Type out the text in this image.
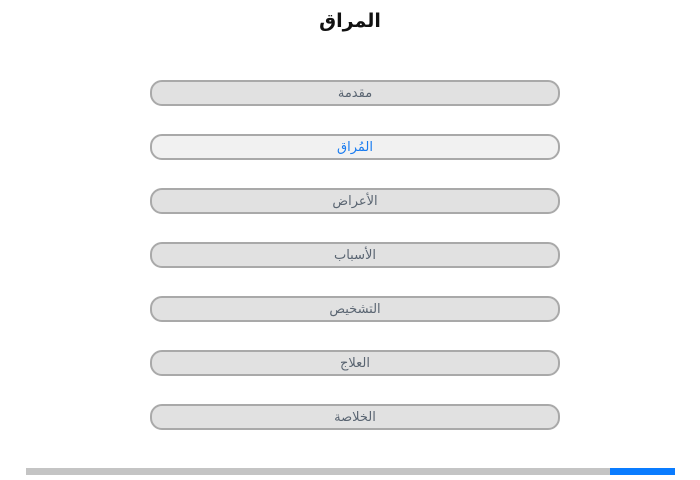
المراق
مقدمة
المُراق
الأعراض
الأسباب
التشخيص
العلاج
الخلاصة
